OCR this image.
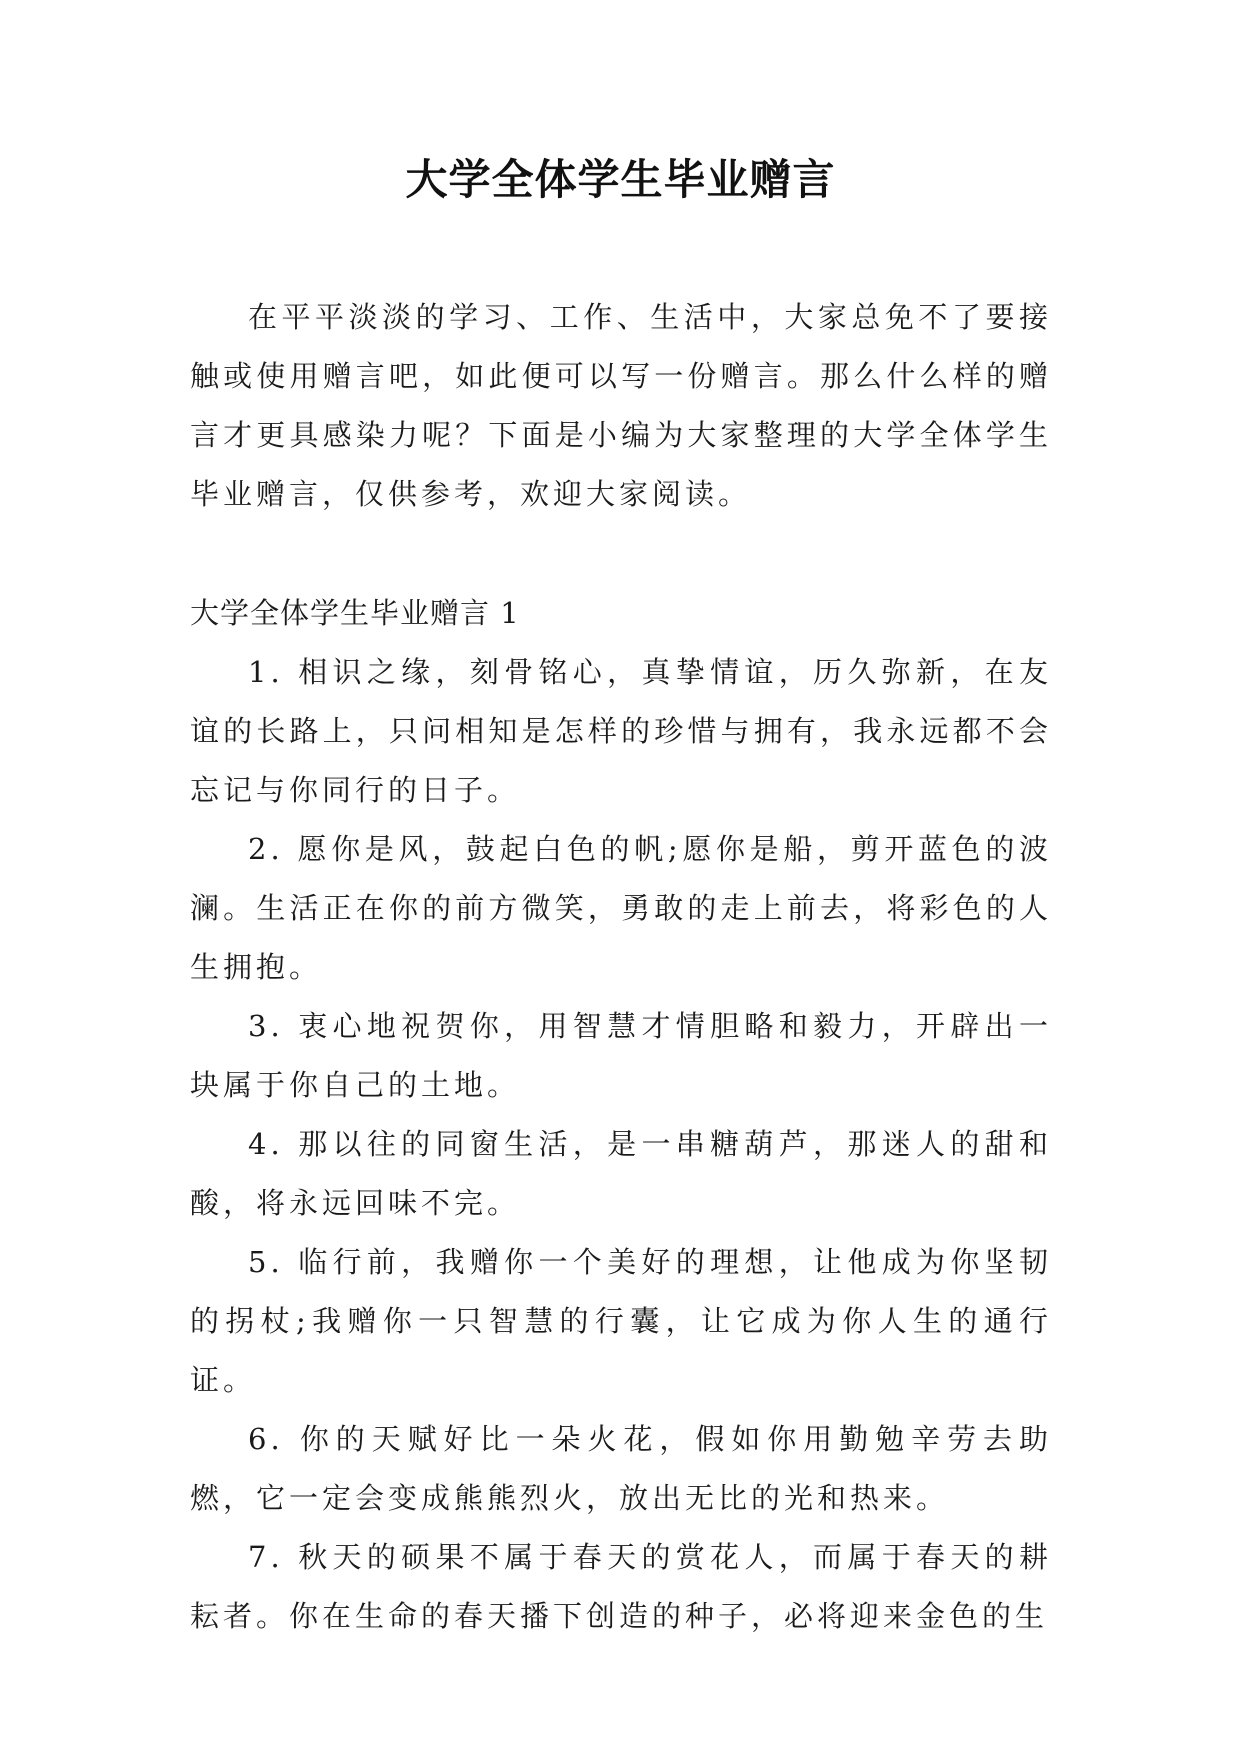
大学全体学生毕业赠言

在平平淡淡的学习、工作、生活中，大家总免不了要接触或使用赠言吧，如此便可以写一份赠言。那么什么样的赠言才更具感染力呢？下面是小编为大家整理的大学全体学生毕业赠言，仅供参考，欢迎大家阅读。

大学全体学生毕业赠言 1

1. 相识之缘，刻骨铭心，真挚情谊，历久弥新，在友谊的长路上，只问相知是怎样的珍惜与拥有，我永远都不会忘记与你同行的日子。

2. 愿你是风，鼓起白色的帆;愿你是船，剪开蓝色的波澜。生活正在你的前方微笑，勇敢的走上前去，将彩色的人生拥抱。

3. 衷心地祝贺你，用智慧才情胆略和毅力，开辟出一块属于你自己的土地。

4. 那以往的同窗生活，是一串糖葫芦，那迷人的甜和酸，将永远回味不完。

5. 临行前，我赠你一个美好的理想，让他成为你坚韧的拐杖;我赠你一只智慧的行囊，让它成为你人生的通行证。

6. 你的天赋好比一朵火花，假如你用勤勉辛劳去助燃，它一定会变成熊熊烈火，放出无比的光和热来。

7. 秋天的硕果不属于春天的赏花人，而属于春天的耕耘者。你在生命的春天播下创造的种子，必将迎来金色的生
